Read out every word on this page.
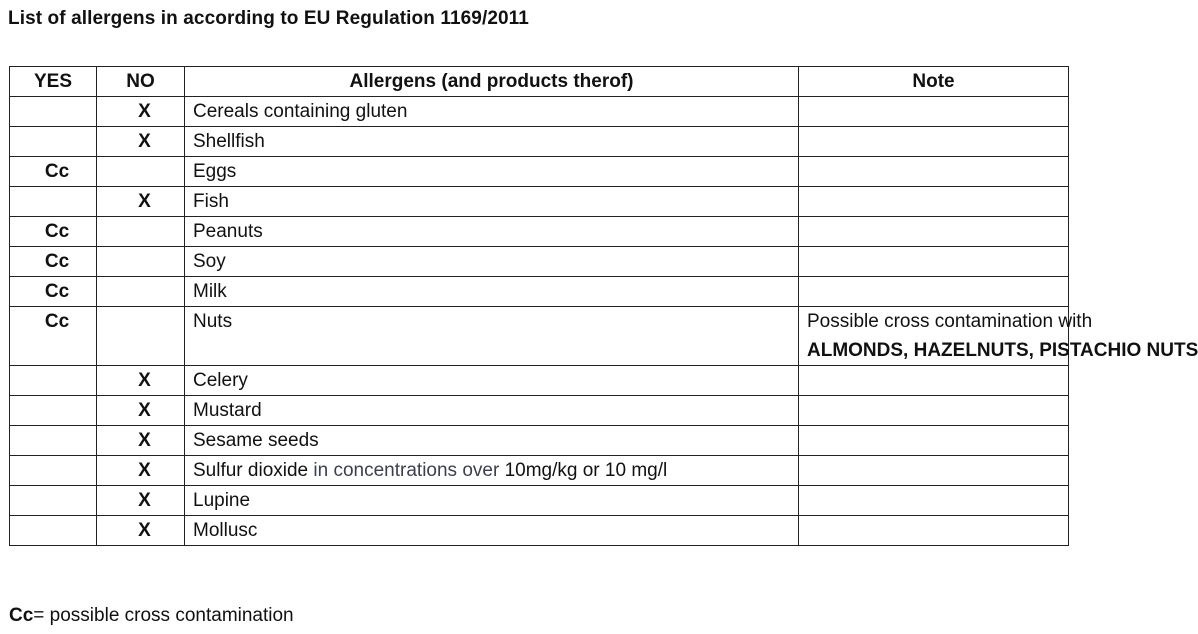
List of allergens in according to EU Regulation 1169/2011
YES	NO	Allergens (and products therof)	Note
	X	Cereals containing gluten	
	X	Shellfish	
Cc		Eggs	
	X	Fish	
Cc		Peanuts	
Cc		Soy	
Cc		Milk	
Cc		Nuts	Possible cross contamination with
ALMONDS, HAZELNUTS, PISTACHIO NUTS
	X	Celery	
	X	Mustard	
	X	Sesame seeds	
	X	Sulfur dioxide in concentrations over 10mg/kg or 10 mg/l	
	X	Lupine	
	X	Mollusc	
Cc= possible cross contamination
